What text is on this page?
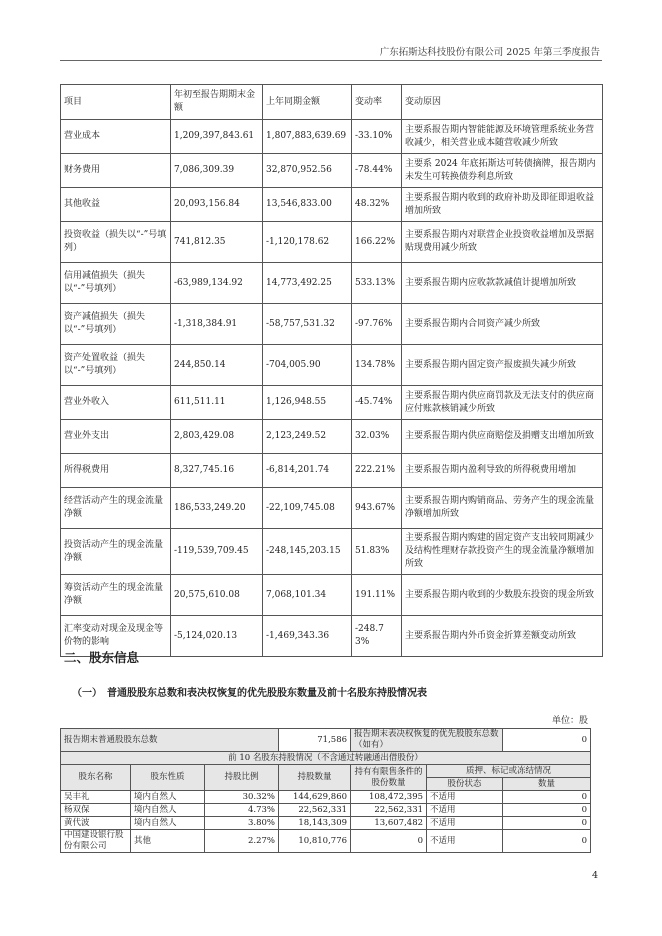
广东拓斯达科技股份有限公司 2025 年第三季度报告
项目	年初至报告期期末金额	上年同期金额	变动率	变动原因
营业成本	1,209,397,843.61	1,807,883,639.69	-33.10%	主要系报告期内智能能源及环境管理系统业务营收减少，相关营业成本随营收减少所致
财务费用	7,086,309.39	32,870,952.56	-78.44%	主要系 2024 年底拓斯达可转债摘牌，报告期内未发生可转换债券利息所致
其他收益	20,093,156.84	13,546,833.00	48.32%	主要系报告期内收到的政府补助及即征即退收益增加所致
投资收益（损失以“-”号填列）	741,812.35	-1,120,178.62	166.22%	主要系报告期内对联营企业投资收益增加及票据贴现费用减少所致
信用减值损失（损失以“-”号填列）	-63,989,134.92	14,773,492.25	533.13%	主要系报告期内应收款款减值计提增加所致
资产减值损失（损失以“-”号填列）	-1,318,384.91	-58,757,531.32	-97.76%	主要系报告期内合同资产减少所致
资产处置收益（损失以“-”号填列）	244,850.14	-704,005.90	134.78%	主要系报告期内固定资产报废损失减少所致
营业外收入	611,511.11	1,126,948.55	-45.74%	主要系报告期内供应商罚款及无法支付的供应商应付账款核销减少所致
营业外支出	2,803,429.08	2,123,249.52	32.03%	主要系报告期内供应商赔偿及捐赠支出增加所致
所得税费用	8,327,745.16	-6,814,201.74	222.21%	主要系报告期内盈利导致的所得税费用增加
经营活动产生的现金流量净额	186,533,249.20	-22,109,745.08	943.67%	主要系报告期内购销商品、劳务产生的现金流量净额增加所致
投资活动产生的现金流量净额	-119,539,709.45	-248,145,203.15	51.83%	主要系报告期内购建的固定资产支出较同期减少及结构性理财存款投资产生的现金流量净额增加所致
筹资活动产生的现金流量净额	20,575,610.08	7,068,101.34	191.11%	主要系报告期内收到的少数股东投资的现金所致
汇率变动对现金及现金等价物的影响	-5,124,020.13	-1,469,343.36	-248.73%	主要系报告期内外币资金折算差额变动所致
二、股东信息
（一）　普通股股东总数和表决权恢复的优先股股东数量及前十名股东持股情况表
单位：股
报告期末普通股股东总数			71,586	报告期末表决权恢复的优先股股东总数（如有）		0
前 10 名股东持股情况（不含通过转融通出借股份）						
股东名称	股东性质	持股比例	持股数量	持有有限售条件的股份数量	质押、标记或冻结情况	
					股份状态	数量
吴丰礼	境内自然人	30.32%	144,629,860	108,472,395	不适用	0
杨双保	境内自然人	4.73%	22,562,331	22,562,331	不适用	0
黄代波	境内自然人	3.80%	18,143,309	13,607,482	不适用	0
中国建设银行股份有限公司	其他	2.27%	10,810,776	0	不适用	0
4
